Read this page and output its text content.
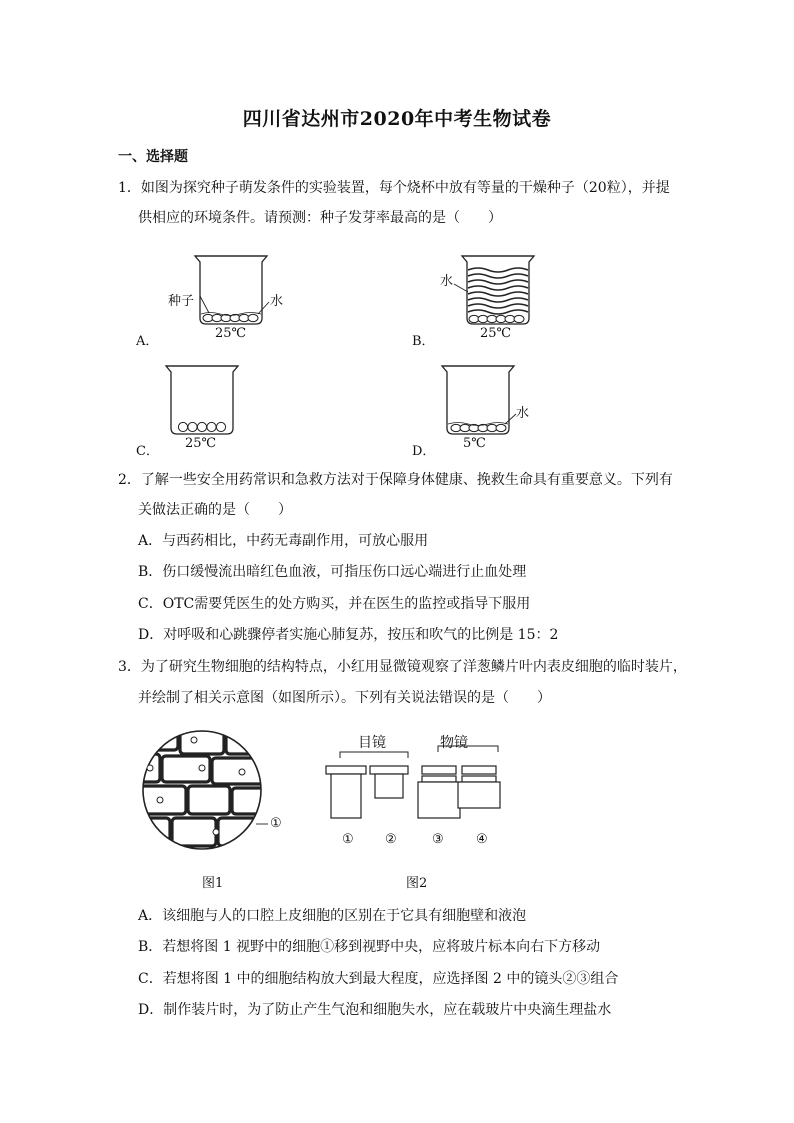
四川省达州市2020年中考生物试卷
一、选择题
1．如图为探究种子萌发条件的实验装置，每个烧杯中放有等量的干燥种子（20粒），并提
供相应的环境条件。请预测：种子发芽率最高的是（　　）
种子	水
25℃
A．
水
25℃
B．
25℃
C．
水
5℃
D．
2．了解一些安全用药常识和急救方法对于保障身体健康、挽救生命具有重要意义。下列有
关做法正确的是（　　）
A．与西药相比，中药无毒副作用，可放心服用
B．伤口缓慢流出暗红色血液，可指压伤口远心端进行止血处理
C．OTC需要凭医生的处方购买，并在医生的监控或指导下服用
D．对呼吸和心跳骤停者实施心肺复苏，按压和吹气的比例是 15：2
3．为了研究生物细胞的结构特点，小红用显微镜观察了洋葱鳞片叶内表皮细胞的临时装片，
并绘制了相关示意图（如图所示）。下列有关说法错误的是（　　）
①
图1
目镜	物镜
① ②	③ ④
图2
A．该细胞与人的口腔上皮细胞的区别在于它具有细胞壁和液泡
B．若想将图 1 视野中的细胞①移到视野中央，应将玻片标本向右下方移动
C．若想将图 1 中的细胞结构放大到最大程度，应选择图 2 中的镜头②③组合
D．制作装片时，为了防止产生气泡和细胞失水，应在载玻片中央滴生理盐水
